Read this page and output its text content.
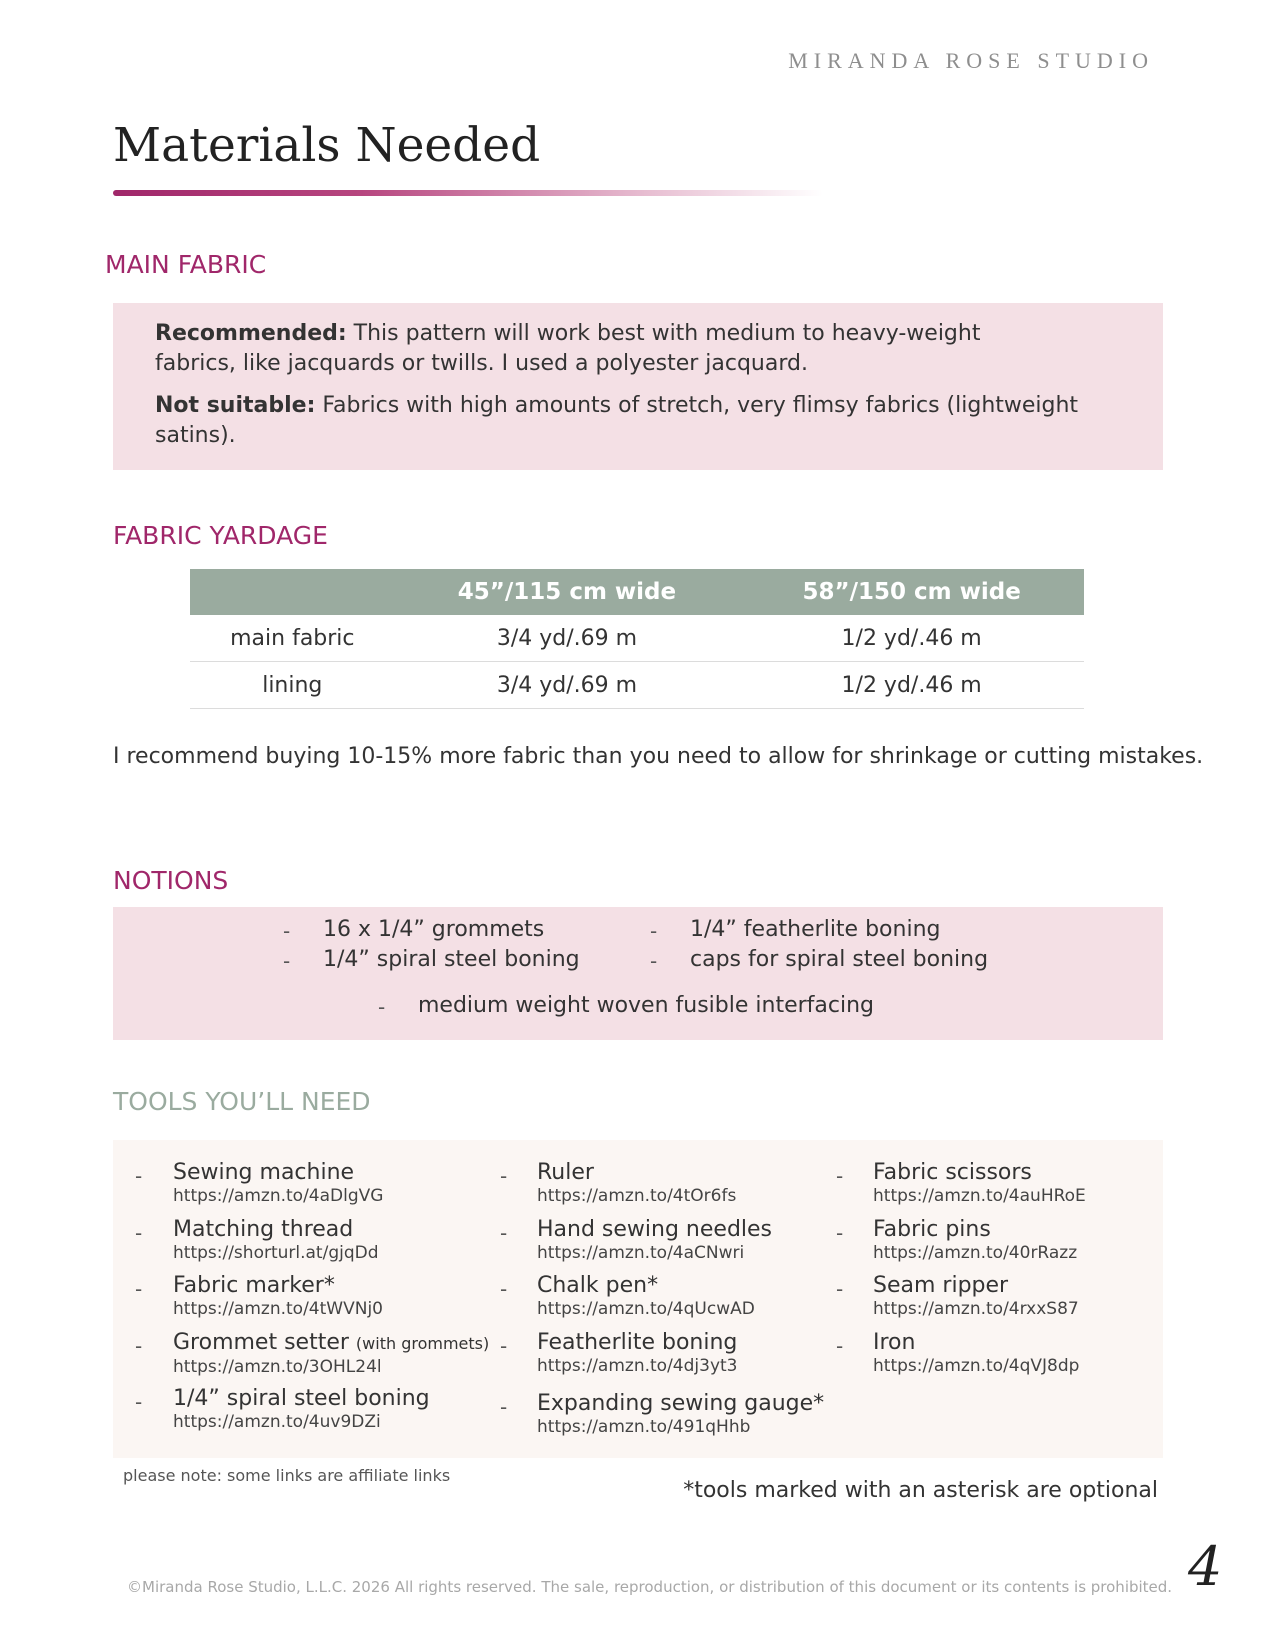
MIRANDA ROSE STUDIO
Materials Needed
MAIN FABRIC

Recommended: This pattern will work best with medium to heavy-weight fabrics, like jacquards or twills. I used a polyester jacquard.

Not suitable: Fabrics with high amounts of stretch, very flimsy fabrics (lightweight satins).

FABRIC YARDAGE
	45”/115 cm wide	58”/150 cm wide
main fabric	3/4 yd/.69 m	1/2 yd/.46 m
lining	3/4 yd/.69 m	1/2 yd/.46 m
I recommend buying 10-15% more fabric than you need to allow for shrinkage or cutting mistakes.
NOTIONS
- 16 x 1/4” grommets
- 1/4” spiral steel boning
- 1/4” featherlite boning
- caps for spiral steel boning
- medium weight woven fusible interfacing
TOOLS YOU’LL NEED
- Sewing machine
https://amzn.to/4aDlgVG
- Matching thread
https://shorturl.at/gjqDd
- Fabric marker*
https://amzn.to/4tWVNj0
- Grommet setter (with grommets)
https://amzn.to/3OHL24l
- 1/4” spiral steel boning
https://amzn.to/4uv9DZi
- Ruler
https://amzn.to/4tOr6fs
- Hand sewing needles
https://amzn.to/4aCNwri
- Chalk pen*
https://amzn.to/4qUcwAD
- Featherlite boning
https://amzn.to/4dj3yt3
- Expanding sewing gauge*
https://amzn.to/491qHhb
- Fabric scissors
https://amzn.to/4auHRoE
- Fabric pins
https://amzn.to/40rRazz
- Seam ripper
https://amzn.to/4rxxS87
- Iron
https://amzn.to/4qVJ8dp
please note: some links are affiliate links
*tools marked with an asterisk are optional
©Miranda Rose Studio, L.L.C. 2026 All rights reserved. The sale, reproduction, or distribution of this document or its contents is prohibited. 4
